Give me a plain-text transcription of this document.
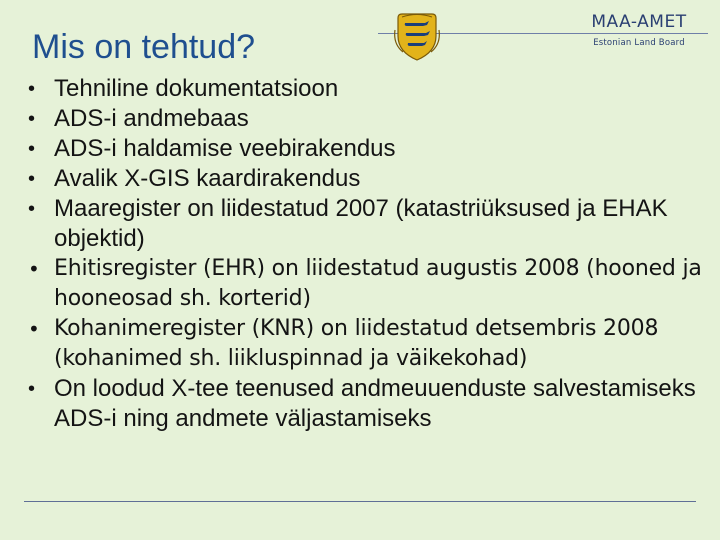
Mis on tehtud?
MAA-AMET
Estonian Land Board
• Tehniline dokumentatsioon
• ADS-i andmebaas
• ADS-i haldamise veebirakendus
• Avalik X-GIS kaardirakendus
• Maaregister on liidestatud 2007 (katastriüksused ja EHAK objektid)
• Ehitisregister (EHR) on liidestatud augustis 2008 (hooned ja hooneosad sh. korterid)
• Kohanimeregister (KNR) on liidestatud detsembris 2008 (kohanimed sh. liikluspinnad ja väikekohad)
• On loodud X-tee teenused andmeuuenduste salvestamiseks ADS-i ning andmete väljastamiseks
